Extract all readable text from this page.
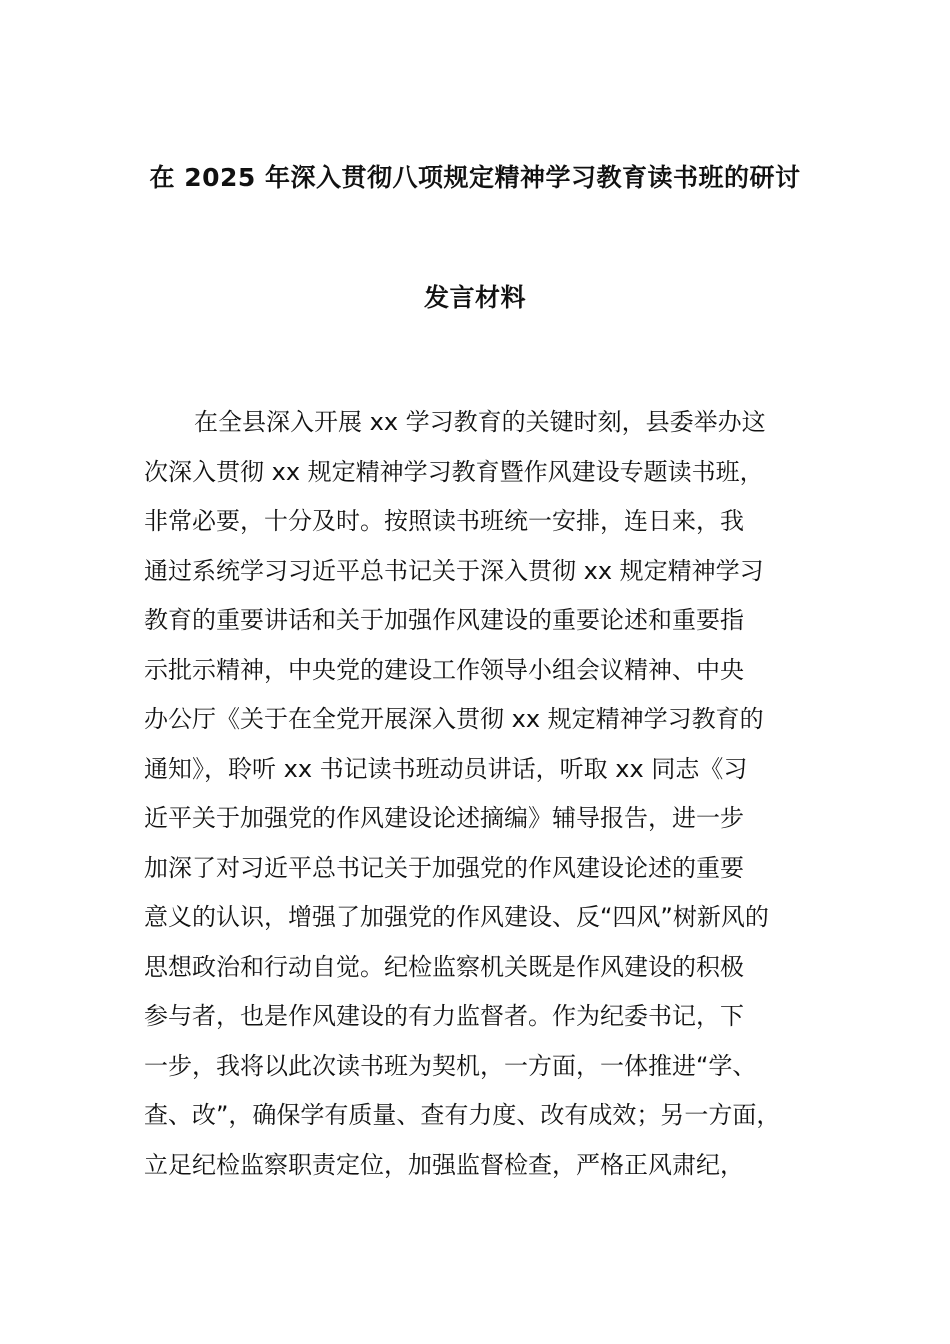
在 2025 年深入贯彻八项规定精神学习教育读书班的研讨
发言材料
在全县深入开展 xx 学习教育的关键时刻，县委举办这
次深入贯彻 xx 规定精神学习教育暨作风建设专题读书班，
非常必要，十分及时。按照读书班统一安排，连日来，我
通过系统学习习近平总书记关于深入贯彻 xx 规定精神学习
教育的重要讲话和关于加强作风建设的重要论述和重要指
示批示精神，中央党的建设工作领导小组会议精神、中央
办公厅《关于在全党开展深入贯彻 xx 规定精神学习教育的
通知》，聆听 xx 书记读书班动员讲话，听取 xx 同志《习
近平关于加强党的作风建设论述摘编》辅导报告，进一步
加深了对习近平总书记关于加强党的作风建设论述的重要
意义的认识，增强了加强党的作风建设、反“四风”树新风的
思想政治和行动自觉。纪检监察机关既是作风建设的积极
参与者，也是作风建设的有力监督者。作为纪委书记，下
一步，我将以此次读书班为契机，一方面，一体推进“学、
查、改”，确保学有质量、查有力度、改有成效；另一方面，
立足纪检监察职责定位，加强监督检查，严格正风肃纪，
